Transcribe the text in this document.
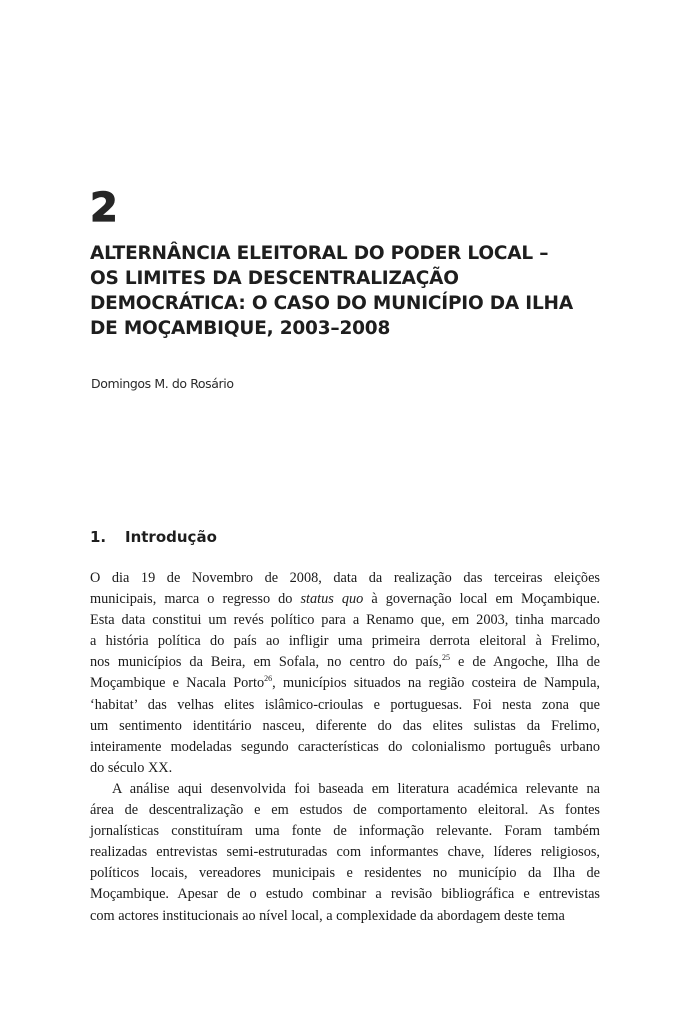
2
ALTERNÂNCIA ELEITORAL DO PODER LOCAL –
OS LIMITES DA DESCENTRALIZAÇÃO
DEMOCRÁTICA: O CASO DO MUNICÍPIO DA ILHA
DE MOÇAMBIQUE, 2003–2008
Domingos M. do Rosário
1.	Introdução

O dia 19 de Novembro de 2008, data da realização das terceiras eleições
municipais, marca o regresso do status quo à governação local em Moçambique.
Esta data constitui um revés político para a Renamo que, em 2003, tinha marcado
a história política do país ao infligir uma primeira derrota eleitoral à Frelimo,
nos municípios da Beira, em Sofala, no centro do país,$^{25}$ e de Angoche, Ilha de
Moçambique e Nacala Porto$^{26}$, municípios situados na região costeira de Nampula,
‘habitat’ das velhas elites islâmico-crioulas e portuguesas. Foi nesta zona que
um sentimento identitário nasceu, diferente do das elites sulistas da Frelimo,
inteiramente modeladas segundo características do colonialismo português urbano
do século XX.

A análise aqui desenvolvida foi baseada em literatura académica relevante na
área de descentralização e em estudos de comportamento eleitoral. As fontes
jornalísticas constituíram uma fonte de informação relevante. Foram também
realizadas entrevistas semi-estruturadas com informantes chave, líderes religiosos,
políticos locais, vereadores municipais e residentes no município da Ilha de
Moçambique. Apesar de o estudo combinar a revisão bibliográfica e entrevistas
com actores institucionais ao nível local, a complexidade da abordagem deste tema
